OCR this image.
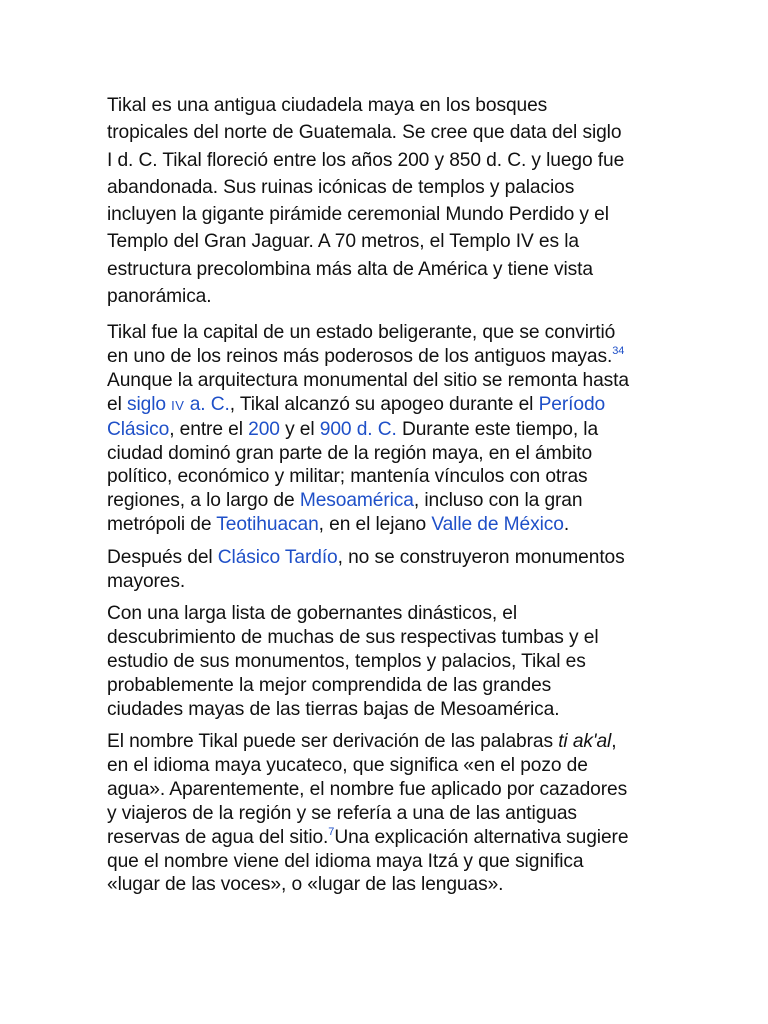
Tikal es una antigua ciudadela maya en los bosques
tropicales del norte de Guatemala. Se cree que data del siglo
I d. C. Tikal floreció entre los años 200 y 850 d. C. y luego fue
abandonada. Sus ruinas icónicas de templos y palacios
incluyen la gigante pirámide ceremonial Mundo Perdido y el
Templo del Gran Jaguar. A 70 metros, el Templo IV es la
estructura precolombina más alta de América y tiene vista
panorámica.

Tikal fue la capital de un estado beligerante, que se convirtió
en uno de los reinos más poderosos de los antiguos mayas.$^{34}$
Aunque la arquitectura monumental del sitio se remonta hasta
el siglo IV a. C., Tikal alcanzó su apogeo durante el Período
Clásico, entre el 200 y el 900 d. C. Durante este tiempo, la
ciudad dominó gran parte de la región maya, en el ámbito
político, económico y militar; mantenía vínculos con otras
regiones, a lo largo de Mesoamérica, incluso con la gran
metrópoli de Teotihuacan, en el lejano Valle de México.

Después del Clásico Tardío, no se construyeron monumentos
mayores.

Con una larga lista de gobernantes dinásticos, el
descubrimiento de muchas de sus respectivas tumbas y el
estudio de sus monumentos, templos y palacios, Tikal es
probablemente la mejor comprendida de las grandes
ciudades mayas de las tierras bajas de Mesoamérica.

El nombre Tikal puede ser derivación de las palabras ti ak'al,
en el idioma maya yucateco, que significa «en el pozo de
agua». Aparentemente, el nombre fue aplicado por cazadores
y viajeros de la región y se refería a una de las antiguas
reservas de agua del sitio.$^7$Una explicación alternativa sugiere
que el nombre viene del idioma maya Itzá y que significa
«lugar de las voces», o «lugar de las lenguas».
